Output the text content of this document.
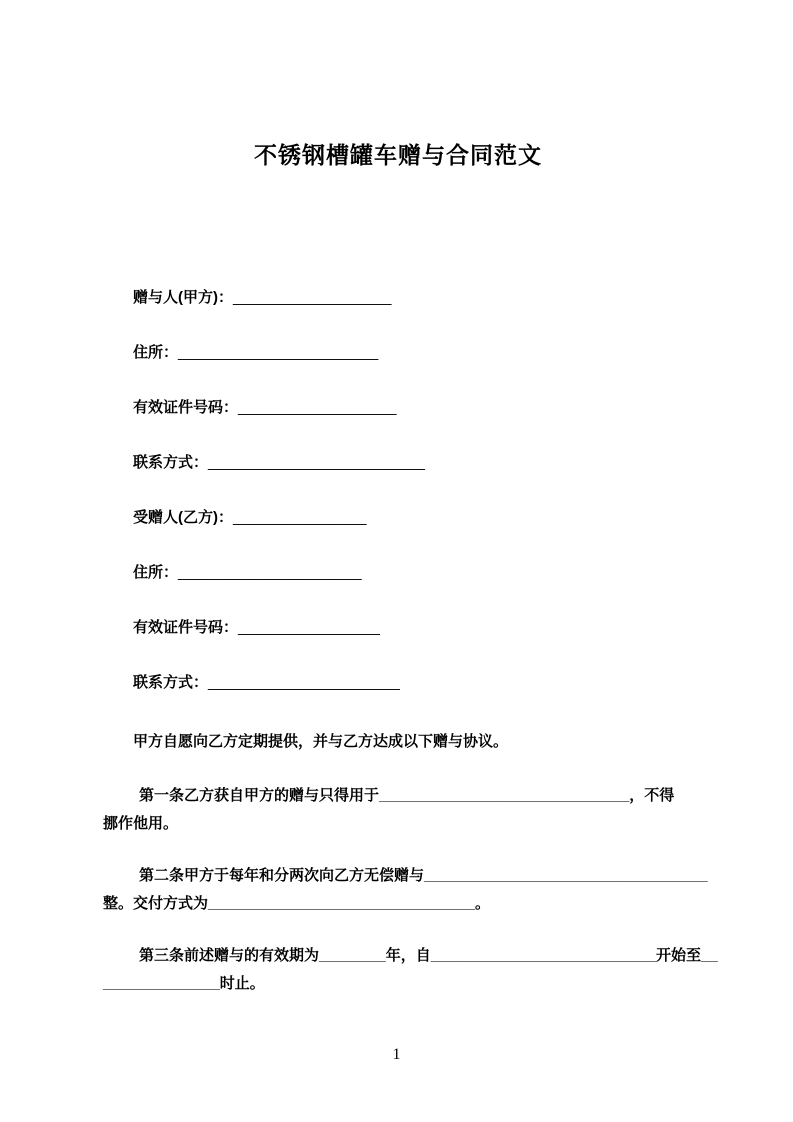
不锈钢槽罐车赠与合同范文
赠与人(甲方)：___________________
住所：________________________
有效证件号码：___________________
联系方式：__________________________
受赠人(乙方)：________________
住所：______________________
有效证件号码：_________________
联系方式：_______________________

甲方自愿向乙方定期提供，并与乙方达成以下赠与协议。

第一条乙方获自甲方的赠与只得用于______________________________，不得
挪作他用。
第二条甲方于每年和分两次向乙方无偿赠与__________________________________
整。交付方式为________________________________。
第三条前述赠与的有效期为________年，自___________________________开始至__
______________时止。
1
